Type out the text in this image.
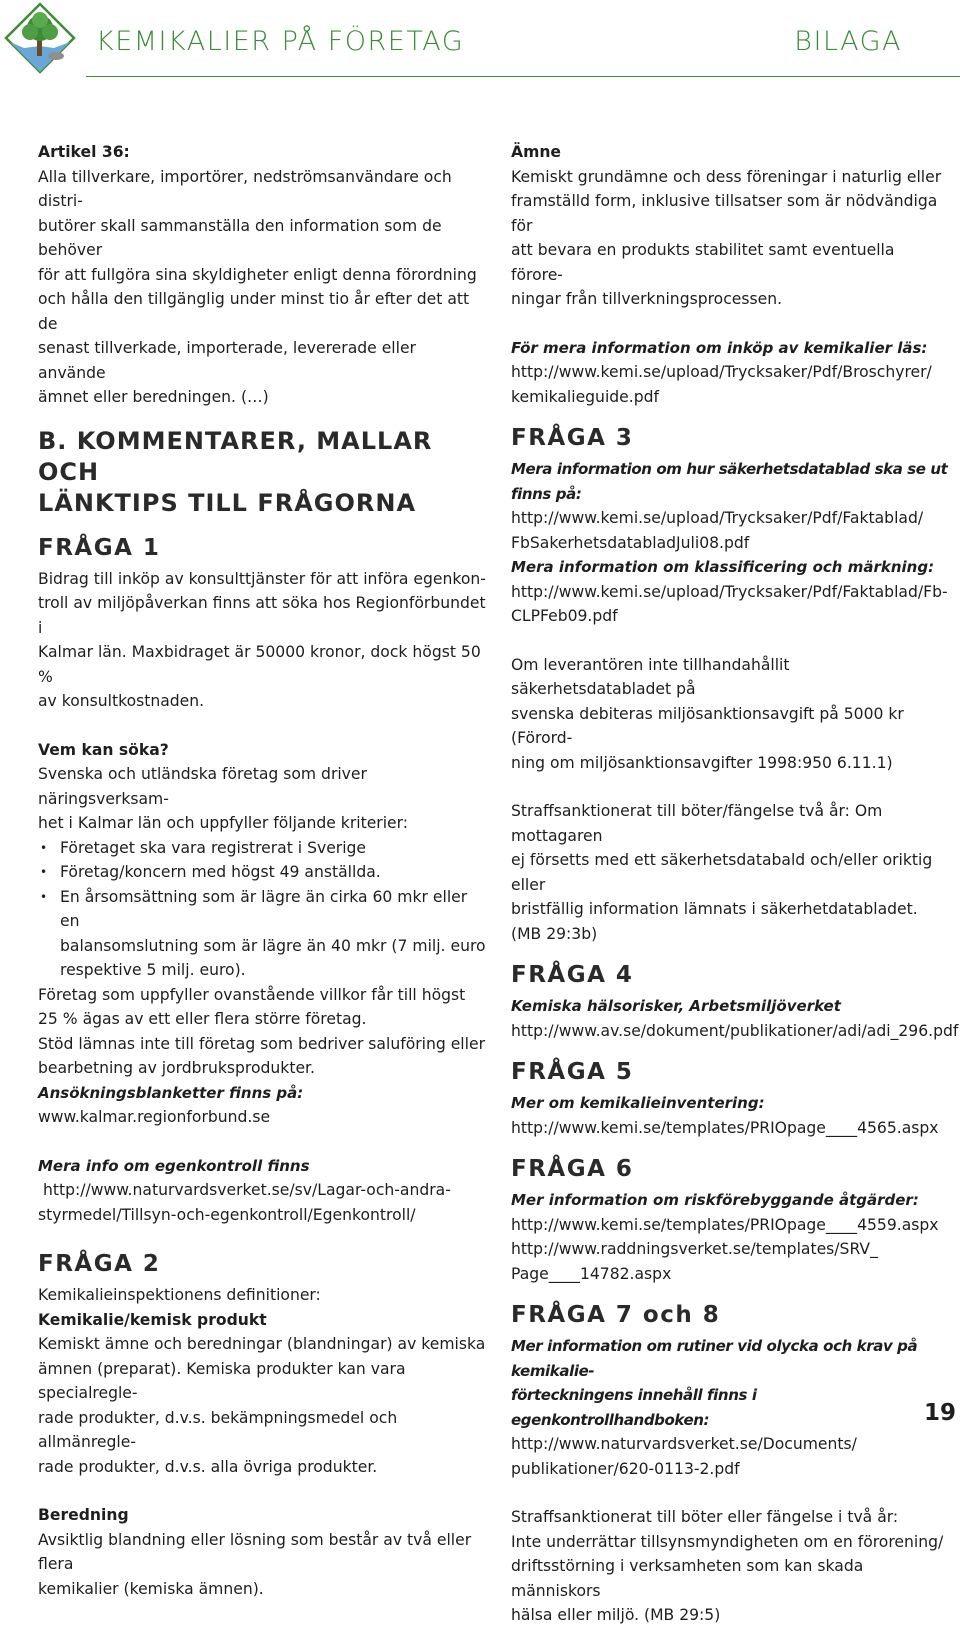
KEMIKALIER PÅ FÖRETAG	BILAGA

Artikel 36:

Alla tillverkare, importörer, nedströmsanvändare och distri-

butörer skall sammanställa den information som de behöver

för att fullgöra sina skyldigheter enligt denna förordning

och hålla den tillgänglig under minst tio år efter det att de

senast tillverkade, importerade, levererade eller använde

ämnet eller beredningen. (…)

B. KOMMENTARER, MALLAR OCH

LÄNKTIPS TILL FRÅGORNA

FRÅGA 1

Bidrag till inköp av konsulttjänster för att införa egenkon-

troll av miljöpåverkan finns att söka hos Regionförbundet i

Kalmar län. Maxbidraget är 50000 kronor, dock högst 50 %

av konsultkostnaden.

Vem kan söka?

Svenska och utländska företag som driver näringsverksam-

het i Kalmar län och uppfyller följande kriterier:

• Företaget ska vara registrerat i Sverige
• Företag/koncern med högst 49 anställda.
• En årsomsättning som är lägre än cirka 60 mkr eller en
balansomslutning som är lägre än 40 mkr (7 milj. euro
respektive 5 milj. euro).

Företag som uppfyller ovanstående villkor får till högst

25 % ägas av ett eller flera större företag.

Stöd lämnas inte till företag som bedriver saluföring eller

bearbetning av jordbruksprodukter.

Ansökningsblanketter finns på:

www.kalmar.regionforbund.se

Mera info om egenkontroll finns

http://www.naturvardsverket.se/sv/Lagar-och-andra-

styrmedel/Tillsyn-och-egenkontroll/Egenkontroll/

FRÅGA 2

Kemikalieinspektionens definitioner:

Kemikalie/kemisk produkt

Kemiskt ämne och beredningar (blandningar) av kemiska

ämnen (preparat). Kemiska produkter kan vara specialregle-

rade produkter, d.v.s. bekämpningsmedel och allmänregle-

rade produkter, d.v.s. alla övriga produkter.

Beredning

Avsiktlig blandning eller lösning som består av två eller flera

kemikalier (kemiska ämnen).

Ämne

Kemiskt grundämne och dess föreningar i naturlig eller

framställd form, inklusive tillsatser som är nödvändiga för

att bevara en produkts stabilitet samt eventuella förore-

ningar från tillverkningsprocessen.

För mera information om inköp av kemikalier läs:

http://www.kemi.se/upload/Trycksaker/Pdf/Broschyrer/

kemikalieguide.pdf

FRÅGA 3

Mera information om hur säkerhetsdatablad ska se ut finns på:

http://www.kemi.se/upload/Trycksaker/Pdf/Faktablad/

FbSakerhetsdatabladJuli08.pdf

Mera information om klassificering och märkning:

http://www.kemi.se/upload/Trycksaker/Pdf/Faktablad/Fb-

CLPFeb09.pdf

Om leverantören inte tillhandahållit säkerhetsdatabladet på

svenska debiteras miljösanktionsavgift på 5000 kr (Förord-

ning om miljösanktionsavgifter 1998:950 6.11.1)

Straffsanktionerat till böter/fängelse två år: Om mottagaren

ej försetts med ett säkerhetsdatabald och/eller oriktig eller

bristfällig information lämnats i säkerhetdatabladet.

(MB 29:3b)

FRÅGA 4

Kemiska hälsorisker, Arbetsmiljöverket

http://www.av.se/dokument/publikationer/adi/adi_296.pdf

FRÅGA 5

Mer om kemikalieinventering:

http://www.kemi.se/templates/PRIOpage____4565.aspx

FRÅGA 6

Mer information om riskförebyggande åtgärder:

http://www.kemi.se/templates/PRIOpage____4559.aspx

http://www.raddningsverket.se/templates/SRV_

Page____14782.aspx

FRÅGA 7 och 8

Mer information om rutiner vid olycka och krav på kemikalie-

förteckningens innehåll finns i egenkontrollhandboken:

http://www.naturvardsverket.se/Documents/

publikationer/620-0113-2.pdf

Straffsanktionerat till böter eller fängelse i två år:

Inte underrättar tillsynsmyndigheten om en förorening/

driftsstörning i verksamheten som kan skada människors

hälsa eller miljö. (MB 29:5)

19
